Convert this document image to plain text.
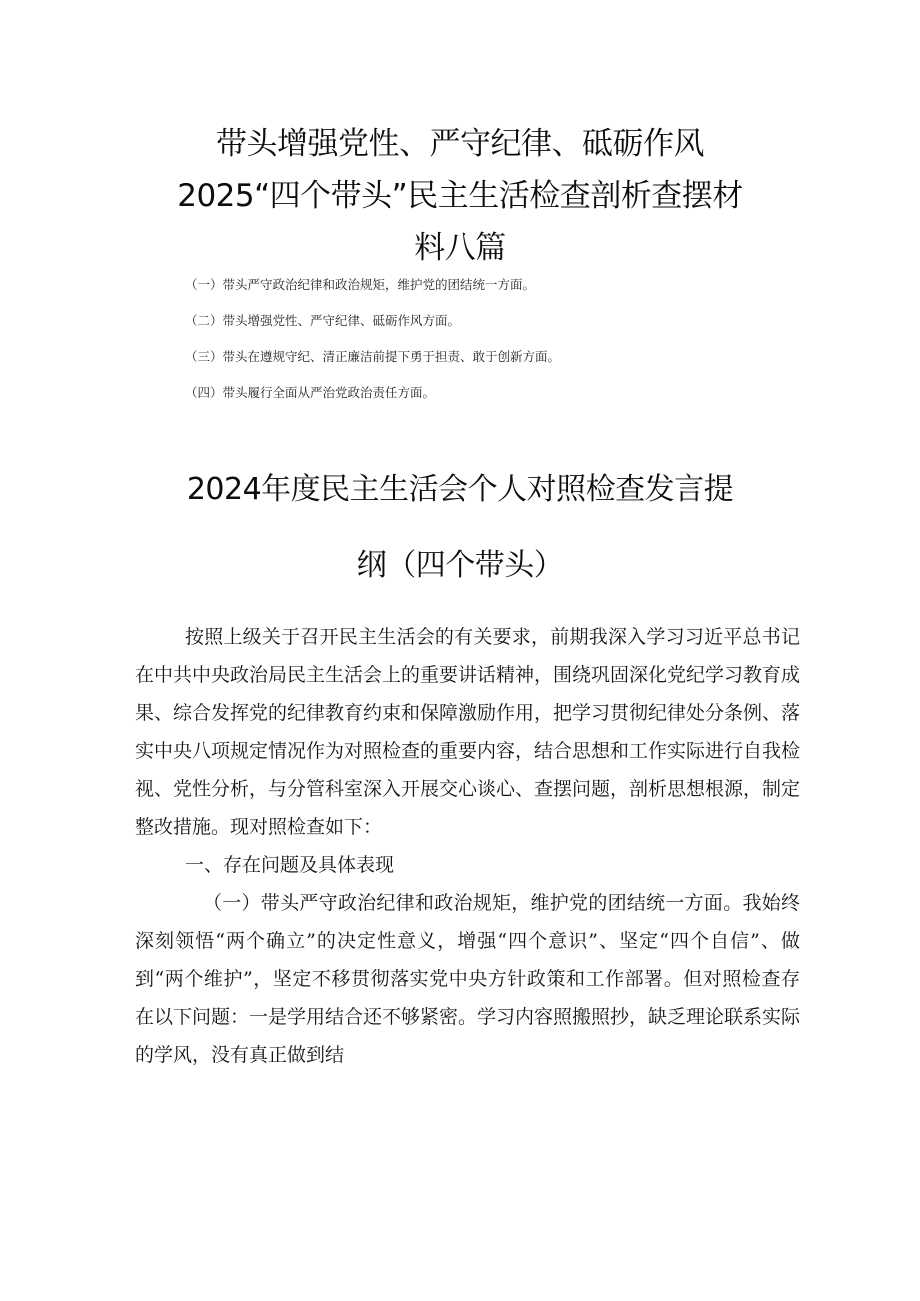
带头增强党性、严守纪律、砥砺作风
2025“四个带头”民主生活检查剖析查摆材
料八篇
（一）带头严守政治纪律和政治规矩，维护党的团结统一方面。
（二）带头增强党性、严守纪律、砥砺作风方面。
（三）带头在遵规守纪、清正廉洁前提下勇于担责、敢于创新方面。
（四）带头履行全面从严治党政治责任方面。
2024年度民主生活会个人对照检查发言提
纲（四个带头）

按照上级关于召开民主生活会的有关要求，前期我深入学习习近平总书记在中共中央政治局民主生活会上的重要讲话精神，围绕巩固深化党纪学习教育成果、综合发挥党的纪律教育约束和保障激励作用，把学习贯彻纪律处分条例、落实中央八项规定情况作为对照检查的重要内容，结合思想和工作实际进行自我检视、党性分析，与分管科室深入开展交心谈心、查摆问题，剖析思想根源，制定整改措施。现对照检查如下：

一、存在问题及具体表现

（一）带头严守政治纪律和政治规矩，维护党的团结统一方面。我始终深刻领悟“两个确立”的决定性意义，增强“四个意识”、坚定“四个自信”、做到“两个维护”，坚定不移贯彻落实党中央方针政策和工作部署。但对照检查存在以下问题：一是学用结合还不够紧密。学习内容照搬照抄，缺乏理论联系实际的学风，没有真正做到结
